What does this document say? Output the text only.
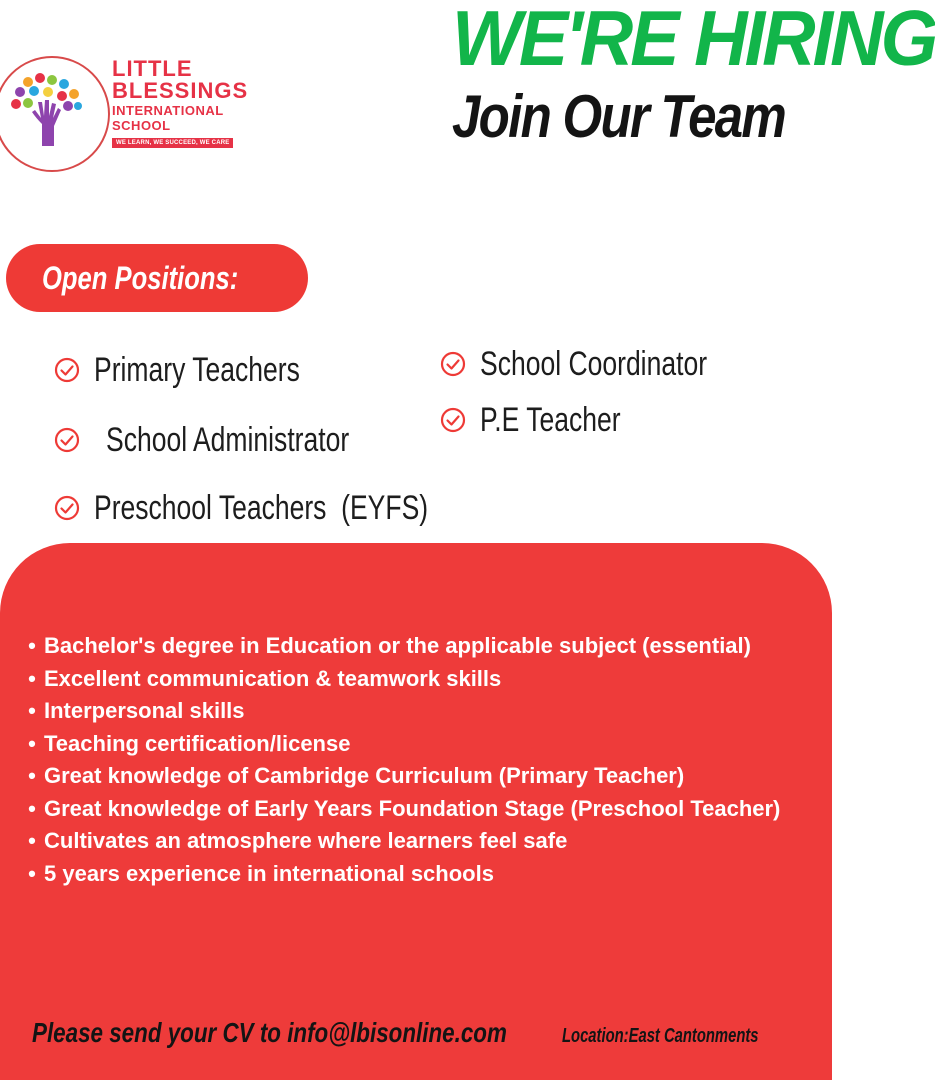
LITTLE
BLESSINGS
INTERNATIONAL
SCHOOL
WE LEARN, WE SUCCEED, WE CARE
WE'RE HIRING
Join Our Team
Open Positions:
Primary Teachers	School Coordinator
P.E Teacher
School Administrator
Preschool Teachers  (EYFS)
• Bachelor's degree in Education or the applicable subject (essential)
• Excellent communication & teamwork skills
• Interpersonal skills
• Teaching certification/license
• Great knowledge of Cambridge Curriculum (Primary Teacher)
• Great knowledge of Early Years Foundation Stage (Preschool Teacher)
• Cultivates an atmosphere where learners feel safe
• 5 years experience in international schools
Please send your CV to info@lbisonline.com	Location:East Cantonments
